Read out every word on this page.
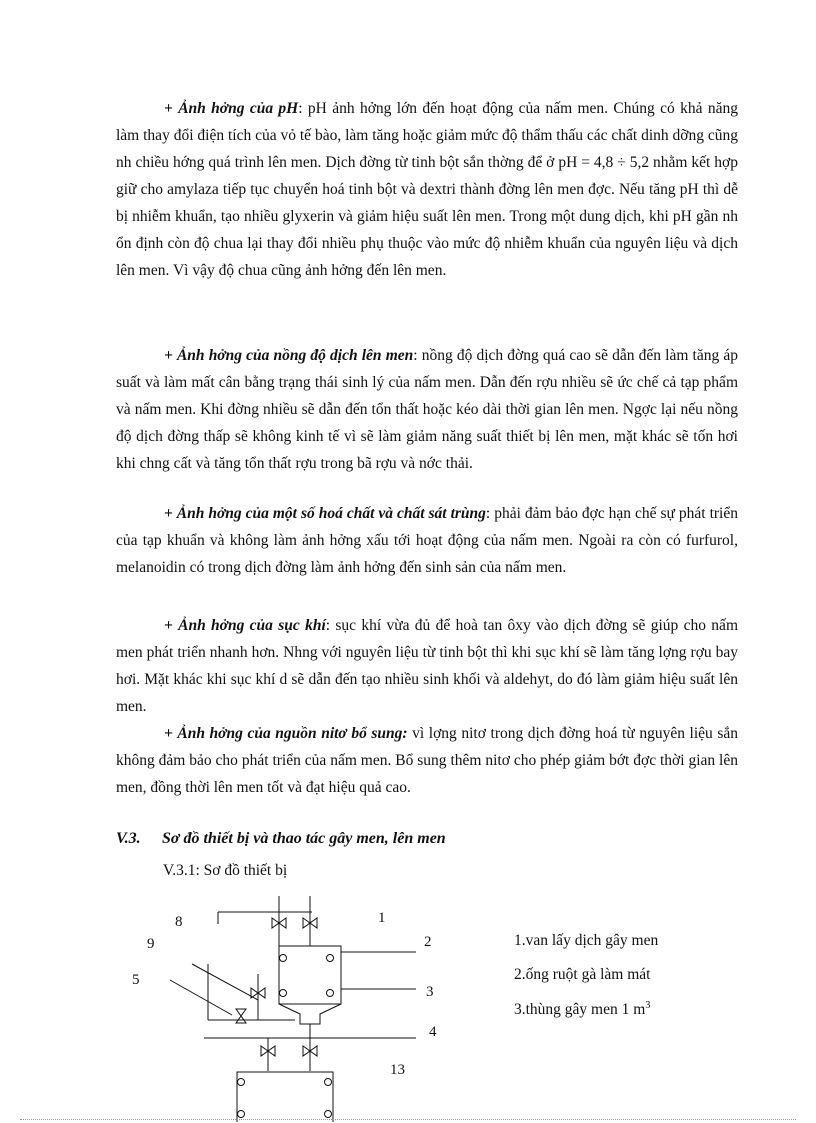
+ Ảnh hởng của pH: pH ảnh hởng lớn đến hoạt động của nấm men. Chúng có khả năng làm thay đổi điện tích của vỏ tế bào, làm tăng hoặc giảm mức độ thẩm thấu các chất dinh dỡng cũng nh chiều hớng quá trình lên men. Dịch đờng từ tinh bột sắn thờng để ở pH = 4,8 ÷ 5,2 nhằm kết hợp giữ cho amylaza tiếp tục chuyển hoá tinh bột và dextri thành đờng lên men đợc. Nếu tăng pH thì dễ bị nhiễm khuẩn, tạo nhiều glyxerin và giảm hiệu suất lên men. Trong một dung dịch, khi pH gần nh ổn định còn độ chua lại thay đổi nhiều phụ thuộc vào mức độ nhiễm khuẩn của nguyên liệu và dịch lên men. Vì vậy độ chua cũng ảnh hởng đến lên men.

+ Ảnh hởng của nồng độ dịch lên men: nồng độ dịch đờng quá cao sẽ dẫn đến làm tăng áp suất và làm mất cân bằng trạng thái sinh lý của nấm men. Dẫn đến rợu nhiều sẽ ức chế cả tạp phẩm và nấm men. Khi đờng nhiều sẽ dẫn đến tổn thất hoặc kéo dài thời gian lên men. Ngợc lại nếu nồng độ dịch đờng thấp sẽ không kinh tế vì sẽ làm giảm năng suất thiết bị lên men, mặt khác sẽ tốn hơi khi chng cất và tăng tổn thất rợu trong bã rợu và nớc thải.

+ Ảnh hởng của một số hoá chất và chất sát trùng: phải đảm bảo đợc hạn chế sự phát triển của tạp khuẩn và không làm ảnh hởng xấu tới hoạt động của nấm men. Ngoài ra còn có furfurol, melanoidin có trong dịch đờng làm ảnh hởng đến sinh sản của nấm men.

+ Ảnh hởng của sục khí: sục khí vừa đủ để hoà tan ôxy vào dịch đờng sẽ giúp cho nấm men phát triển nhanh hơn. Nhng với nguyên liệu từ tinh bột thì khi sục khí sẽ làm tăng lợng rợu bay hơi. Mặt khác khi sục khí d sẽ dẫn đến tạo nhiều sinh khối và aldehyt, do đó làm giảm hiệu suất lên men.

+ Ảnh hởng của nguồn nitơ bổ sung: vì lợng nitơ trong dịch đờng hoá từ nguyên liệu sắn không đảm bảo cho phát triển của nấm men. Bổ sung thêm nitơ cho phép giảm bớt đợc thời gian lên men, đồng thời lên men tốt và đạt hiệu quả cao.

V.3. Sơ đồ thiết bị và thao tác gây men, lên men

V.3.1: Sơ đồ thiết bị

8	1
9	2
5
3
4
13

1.van lấy dịch gây men

2.ống ruột gà làm mát

3.thùng gây men 1 $m^3$
